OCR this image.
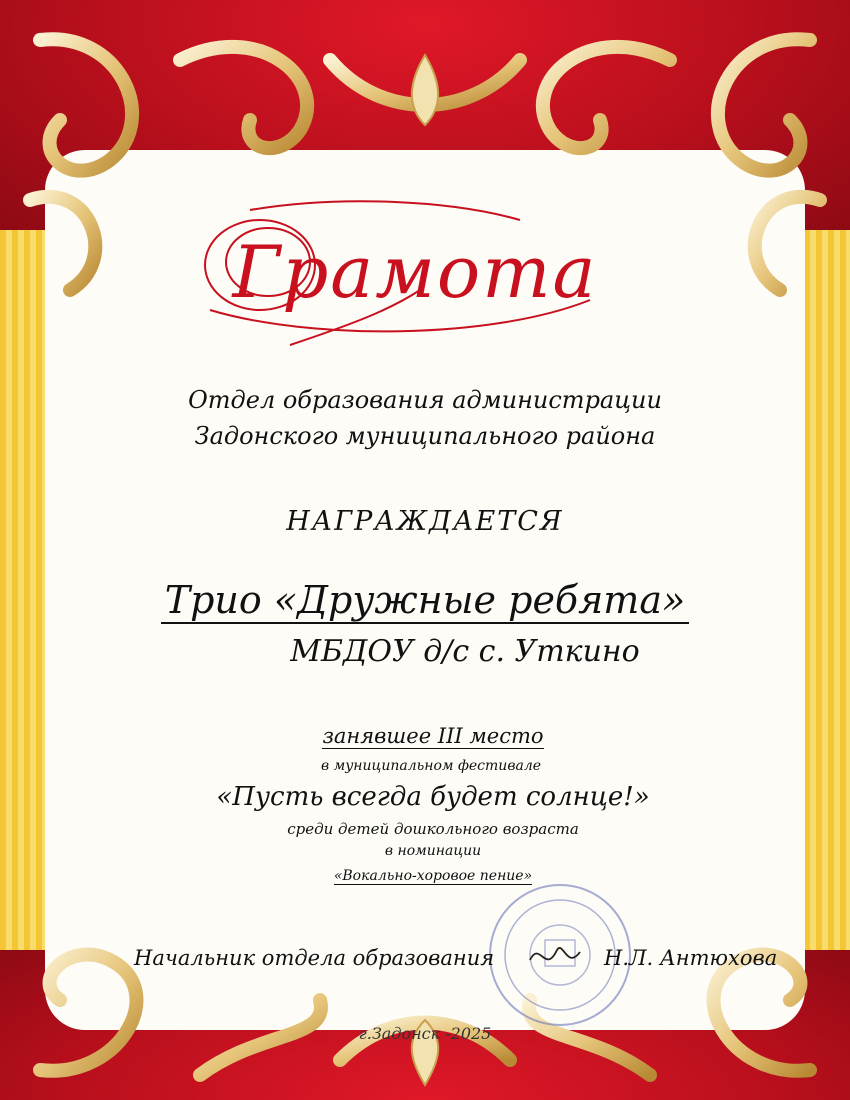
Грамота
Отдел образования администрации
Задонского муниципального района
НАГРАЖДАЕТСЯ
Трио «Дружные ребята»
МБДОУ д/с с. Уткино
занявшее III место
в муниципальном фестивале
«Пусть всегда будет солнце!»
среди детей дошкольного возраста
в номинации
«Вокально-хоровое пение»
Начальник отдела образования	Н.Л. Антюхова
г.Задонск -2025
